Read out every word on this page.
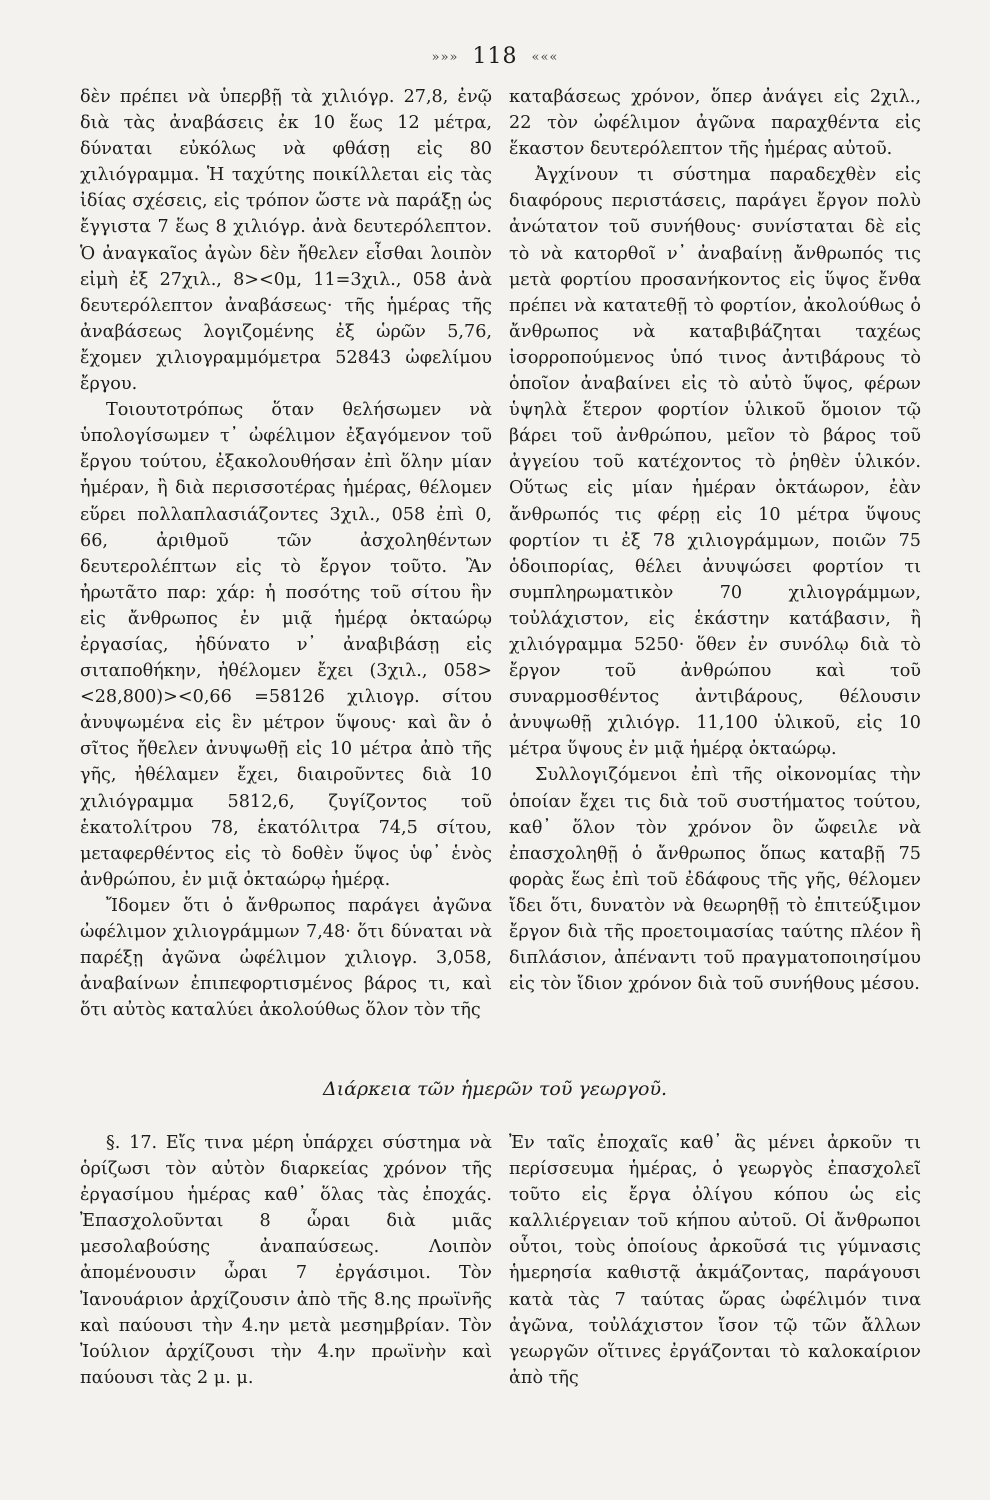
»»» 118 «««

δὲν πρέπει νὰ ὑπερβῇ τὰ χιλιόγρ. 27,8, ἐνῷ διὰ τὰς ἀναβάσεις ἐκ 10 ἕως 12 μέτρα, δύναται εὐκόλως νὰ φθάσῃ εἰς 80 χιλιόγραμμα. Ἡ ταχύτης ποικίλλεται εἰς τὰς ἰδίας σχέσεις, εἰς τρόπον ὥστε νὰ παράξῃ ὡς ἔγγιστα 7 ἕως 8 χιλιόγρ. ἀνὰ δευτερόλεπτον. Ὁ ἀναγκαῖος ἀγὼν δὲν ἤθελεν εἶσθαι λοιπὸν εἰμὴ ἐξ 27χιλ., 8><0μ, 11=3χιλ., 058 ἀνὰ δευτερόλεπτον ἀναβάσεως· τῆς ἡμέρας τῆς ἀναβάσεως λογιζομένης ἐξ ὡρῶν 5,76, ἔχομεν χιλιογραμμόμετρα 52843 ὠφελίμου ἔργου.

Τοιουτοτρόπως ὅταν θελήσωμεν νὰ ὑπολογίσωμεν τ᾽ ὠφέλιμον ἐξαγόμενον τοῦ ἔργου τούτου, ἐξακολουθήσαν ἐπὶ ὅλην μίαν ἡμέραν, ἢ διὰ περισσοτέρας ἡμέρας, θέλομεν εὕρει πολλαπλασιάζοντες 3χιλ., 058 ἐπὶ 0, 66, ἀριθμοῦ τῶν ἀσχοληθέντων δευτερολέπτων εἰς τὸ ἔργον τοῦτο. Ἂν ἠρωτᾶτο παρ: χάρ: ἡ ποσότης τοῦ σίτου ἣν εἰς ἄνθρωπος ἐν μιᾷ ἡμέρᾳ ὀκταώρῳ ἐργασίας, ἠδύνατο ν᾽ ἀναβιβάσῃ εἰς σιταποθήκην, ἠθέλομεν ἔχει (3χιλ., 058><28,800)><0,66 =58126 χιλιογρ. σίτου ἀνυψωμένα εἰς ἓν μέτρον ὕψους· καὶ ἂν ὁ σῖτος ἤθελεν ἀνυψωθῇ εἰς 10 μέτρα ἀπὸ τῆς γῆς, ἠθέλαμεν ἔχει, διαιροῦντες διὰ 10 χιλιόγραμμα 5812,6, ζυγίζοντος τοῦ ἑκατολίτρου 78, ἑκατόλιτρα 74,5 σίτου, μεταφερθέντος εἰς τὸ δοθὲν ὕψος ὑφ᾽ ἑνὸς ἀνθρώπου, ἐν μιᾷ ὀκταώρῳ ἡμέρᾳ.

Ἴδομεν ὅτι ὁ ἄνθρωπος παράγει ἀγῶνα ὠφέλιμον χιλιογράμμων 7,48· ὅτι δύναται νὰ παρέξῃ ἀγῶνα ὠφέλιμον χιλιογρ. 3,058, ἀναβαίνων ἐπιπεφορτισμένος βάρος τι, καὶ ὅτι αὐτὸς καταλύει ἀκολούθως ὅλον τὸν τῆς

καταβάσεως χρόνον, ὅπερ ἀνάγει εἰς 2χιλ., 22 τὸν ὠφέλιμον ἀγῶνα παραχθέντα εἰς ἕκαστον δευτερόλεπτον τῆς ἡμέρας αὐτοῦ.

Ἀγχίνουν τι σύστημα παραδεχθὲν εἰς διαφόρους περιστάσεις, παράγει ἔργον πολὺ ἀνώτατον τοῦ συνήθους· συνίσταται δὲ εἰς τὸ νὰ κατορθοῖ ν᾽ ἀναβαίνῃ ἄνθρωπός τις μετὰ φορτίου προσανήκοντος εἰς ὕψος ἔνθα πρέπει νὰ κατατεθῇ τὸ φορτίον, ἀκολούθως ὁ ἄνθρωπος νὰ καταβιβάζηται ταχέως ἰσορροπούμενος ὑπό τινος ἀντιβάρους τὸ ὁποῖον ἀναβαίνει εἰς τὸ αὐτὸ ὕψος, φέρων ὑψηλὰ ἕτερον φορτίον ὑλικοῦ ὅμοιον τῷ βάρει τοῦ ἀνθρώπου, μεῖον τὸ βάρος τοῦ ἀγγείου τοῦ κατέχοντος τὸ ῥηθὲν ὑλικόν. Οὕτως εἰς μίαν ἡμέραν ὀκτάωρον, ἐὰν ἄνθρωπός τις φέρῃ εἰς 10 μέτρα ὕψους φορτίον τι ἐξ 78 χιλιογράμμων, ποιῶν 75 ὁδοιπορίας, θέλει ἀνυψώσει φορτίον τι συμπληρωματικὸν 70 χιλιογράμμων, τοὐλάχιστον, εἰς ἑκάστην κατάβασιν, ἢ χιλιόγραμμα 5250· ὅθεν ἐν συνόλῳ διὰ τὸ ἔργον τοῦ ἀνθρώπου καὶ τοῦ συναρμοσθέντος ἀντιβάρους, θέλουσιν ἀνυψωθῇ χιλιόγρ. 11,100 ὑλικοῦ, εἰς 10 μέτρα ὕψους ἐν μιᾷ ἡμέρᾳ ὀκταώρῳ.

Συλλογιζόμενοι ἐπὶ τῆς οἰκονομίας τὴν ὁποίαν ἔχει τις διὰ τοῦ συστήματος τούτου, καθ᾽ ὅλον τὸν χρόνον ὃν ὤφειλε νὰ ἐπασχοληθῇ ὁ ἄνθρωπος ὅπως καταβῇ 75 φορὰς ἕως ἐπὶ τοῦ ἐδάφους τῆς γῆς, θέλομεν ἴδει ὅτι, δυνατὸν νὰ θεωρηθῇ τὸ ἐπιτεύξιμον ἔργον διὰ τῆς προετοιμασίας ταύτης πλέον ἢ διπλάσιον, ἀπέναντι τοῦ πραγματοποιησίμου εἰς τὸν ἴδιον χρόνον διὰ τοῦ συνήθους μέσου.

Διάρκεια τῶν ἡμερῶν τοῦ γεωργοῦ.

§. 17. Εἴς τινα μέρη ὑπάρχει σύστημα νὰ ὁρίζωσι τὸν αὐτὸν διαρκείας χρόνον τῆς ἐργασίμου ἡμέρας καθ᾽ ὅλας τὰς ἐποχάς. Ἐπασχολοῦνται 8 ὧραι διὰ μιᾶς μεσολαβούσης ἀναπαύσεως. Λοιπὸν ἀπομένουσιν ὧραι 7 ἐργάσιμοι. Τὸν Ἰανουάριον ἀρχίζουσιν ἀπὸ τῆς 8.ης πρωϊνῆς καὶ παύουσι τὴν 4.ην μετὰ μεσημβρίαν. Τὸν Ἰούλιον ἀρχίζουσι τὴν 4.ην πρωϊνὴν καὶ παύουσι τὰς 2 μ. μ.

Ἐν ταῖς ἐποχαῖς καθ᾽ ἃς μένει ἀρκοῦν τι περίσσευμα ἡμέρας, ὁ γεωργὸς ἐπασχολεῖ τοῦτο εἰς ἔργα ὀλίγου κόπου ὡς εἰς καλλιέργειαν τοῦ κήπου αὐτοῦ. Οἱ ἄνθρωποι οὗτοι, τοὺς ὁποίους ἀρκοῦσά τις γύμνασις ἡμερησία καθιστᾷ ἀκμάζοντας, παράγουσι κατὰ τὰς 7 ταύτας ὥρας ὠφέλιμόν τινα ἀγῶνα, τοὐλάχιστον ἴσον τῷ τῶν ἄλλων γεωργῶν οἵτινες ἐργάζονται τὸ καλοκαίριον ἀπὸ τῆς
